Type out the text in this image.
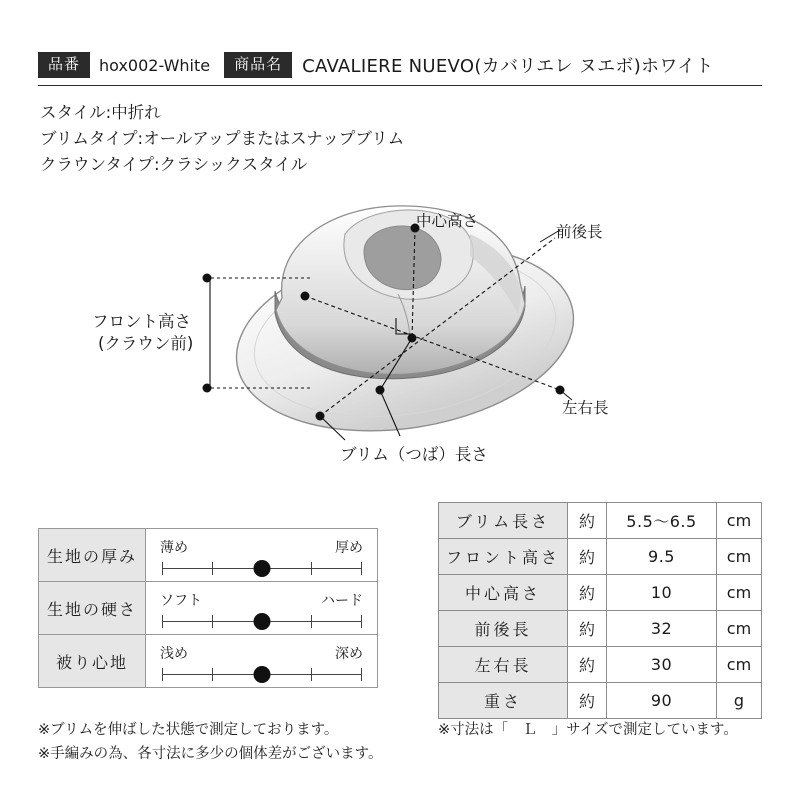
品番	hox002-White	商品名	CAVALIERE NUEVO(カバリエレ ヌエボ)ホワイト
スタイル:中折れ
ブリムタイプ:オールアップまたはスナップブリム
クラウンタイプ:クラシックスタイル
中心高さ
前後長
フロント高さ
(クラウン前)
左右長
ブリム（つば）長さ
生地の厚み	薄め 厚め

生地の硬さ	ソフト ハード

被り心地	浅め 深め
ブリム長さ	約	5.5〜6.5	cm
フロント高さ	約	9.5	cm
中心高さ	約	10	cm
前後長	約	32	cm
左右長	約	30	cm
重さ	約	90	g
※ブリムを伸ばした状態で測定しております。
※手編みの為、各寸法に多少の個体差がございます。
※寸法は「　Ｌ　」サイズで測定しています。
